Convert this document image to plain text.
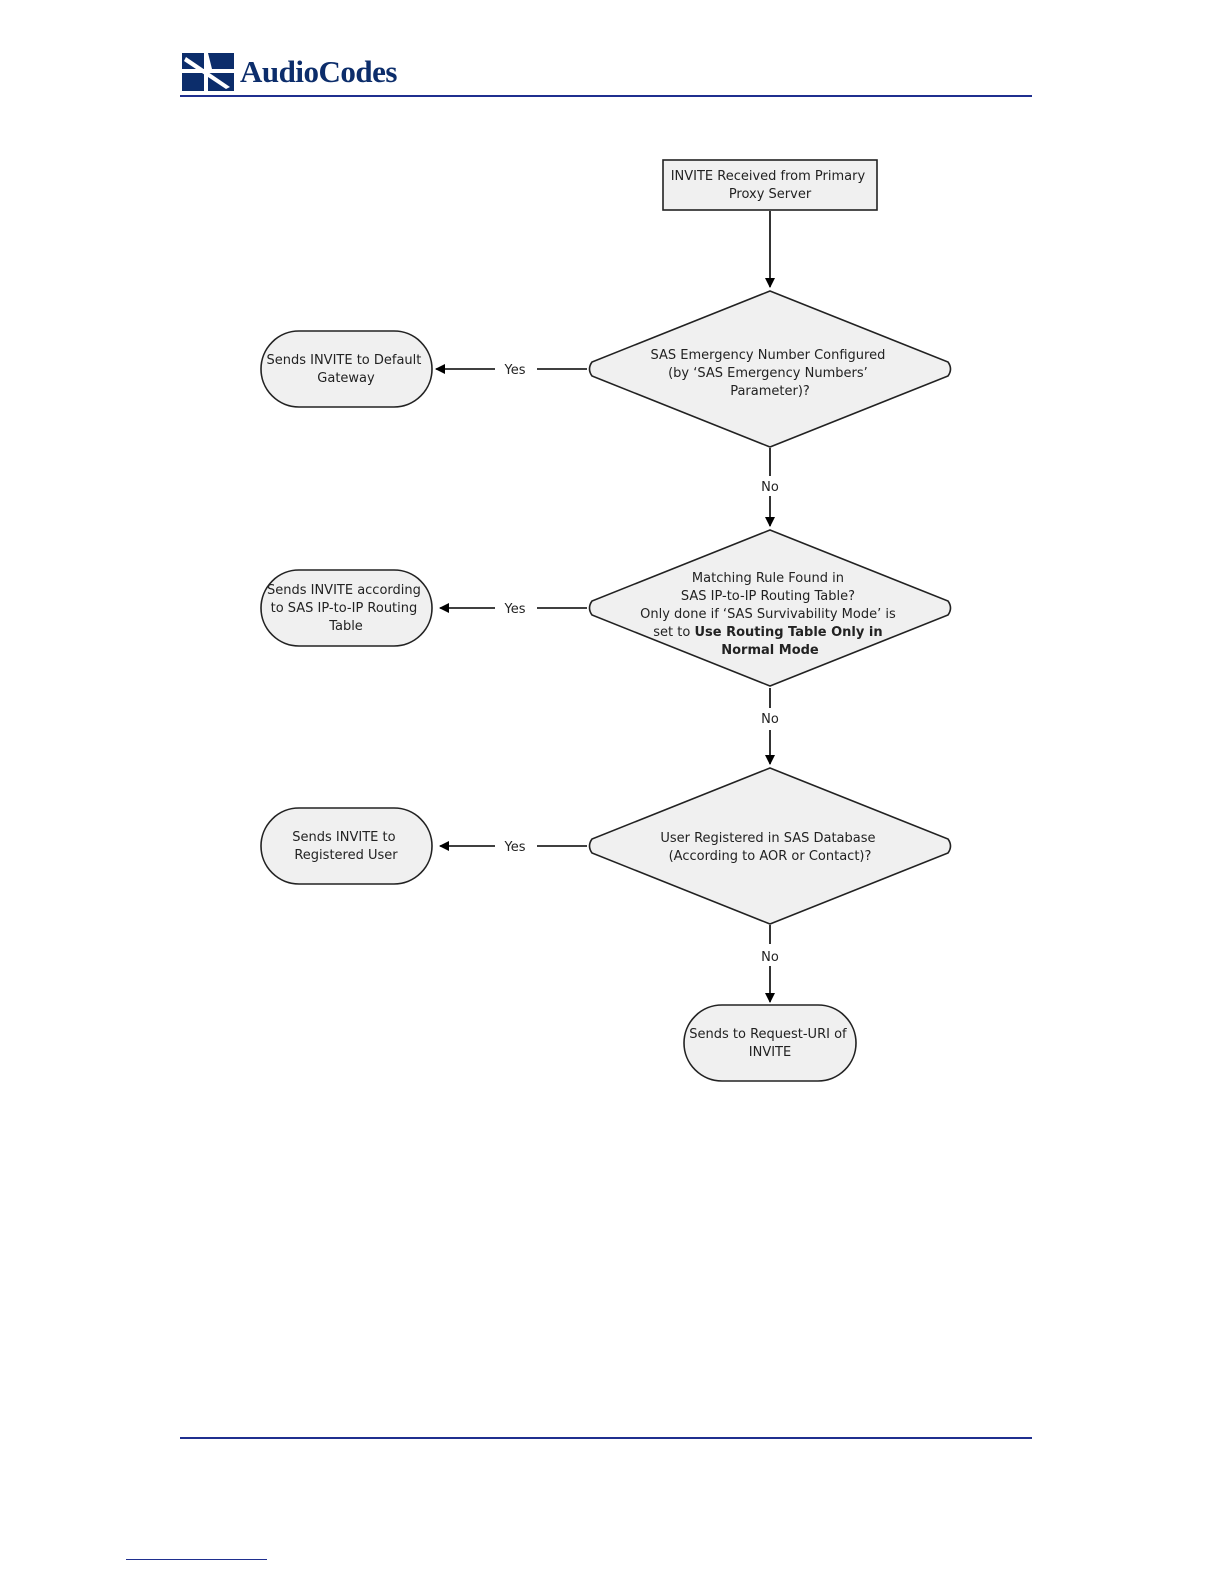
AudioCodes
Yes
No
Yes
No
Yes
No
INVITE Received from Primary Proxy Server
SAS Emergency Number Configured (by ‘SAS Emergency Numbers’ Parameter)?
Sends INVITE to Default Gateway
Matching Rule Found in SAS IP-to-IP Routing Table? Only done if ‘SAS Survivability Mode’ is set to Use Routing Table Only in Normal Mode
Sends INVITE according to SAS IP-to-IP Routing Table
User Registered in SAS Database (According to AOR or Contact)?
Sends INVITE to Registered User
Sends to Request-URI of INVITE
